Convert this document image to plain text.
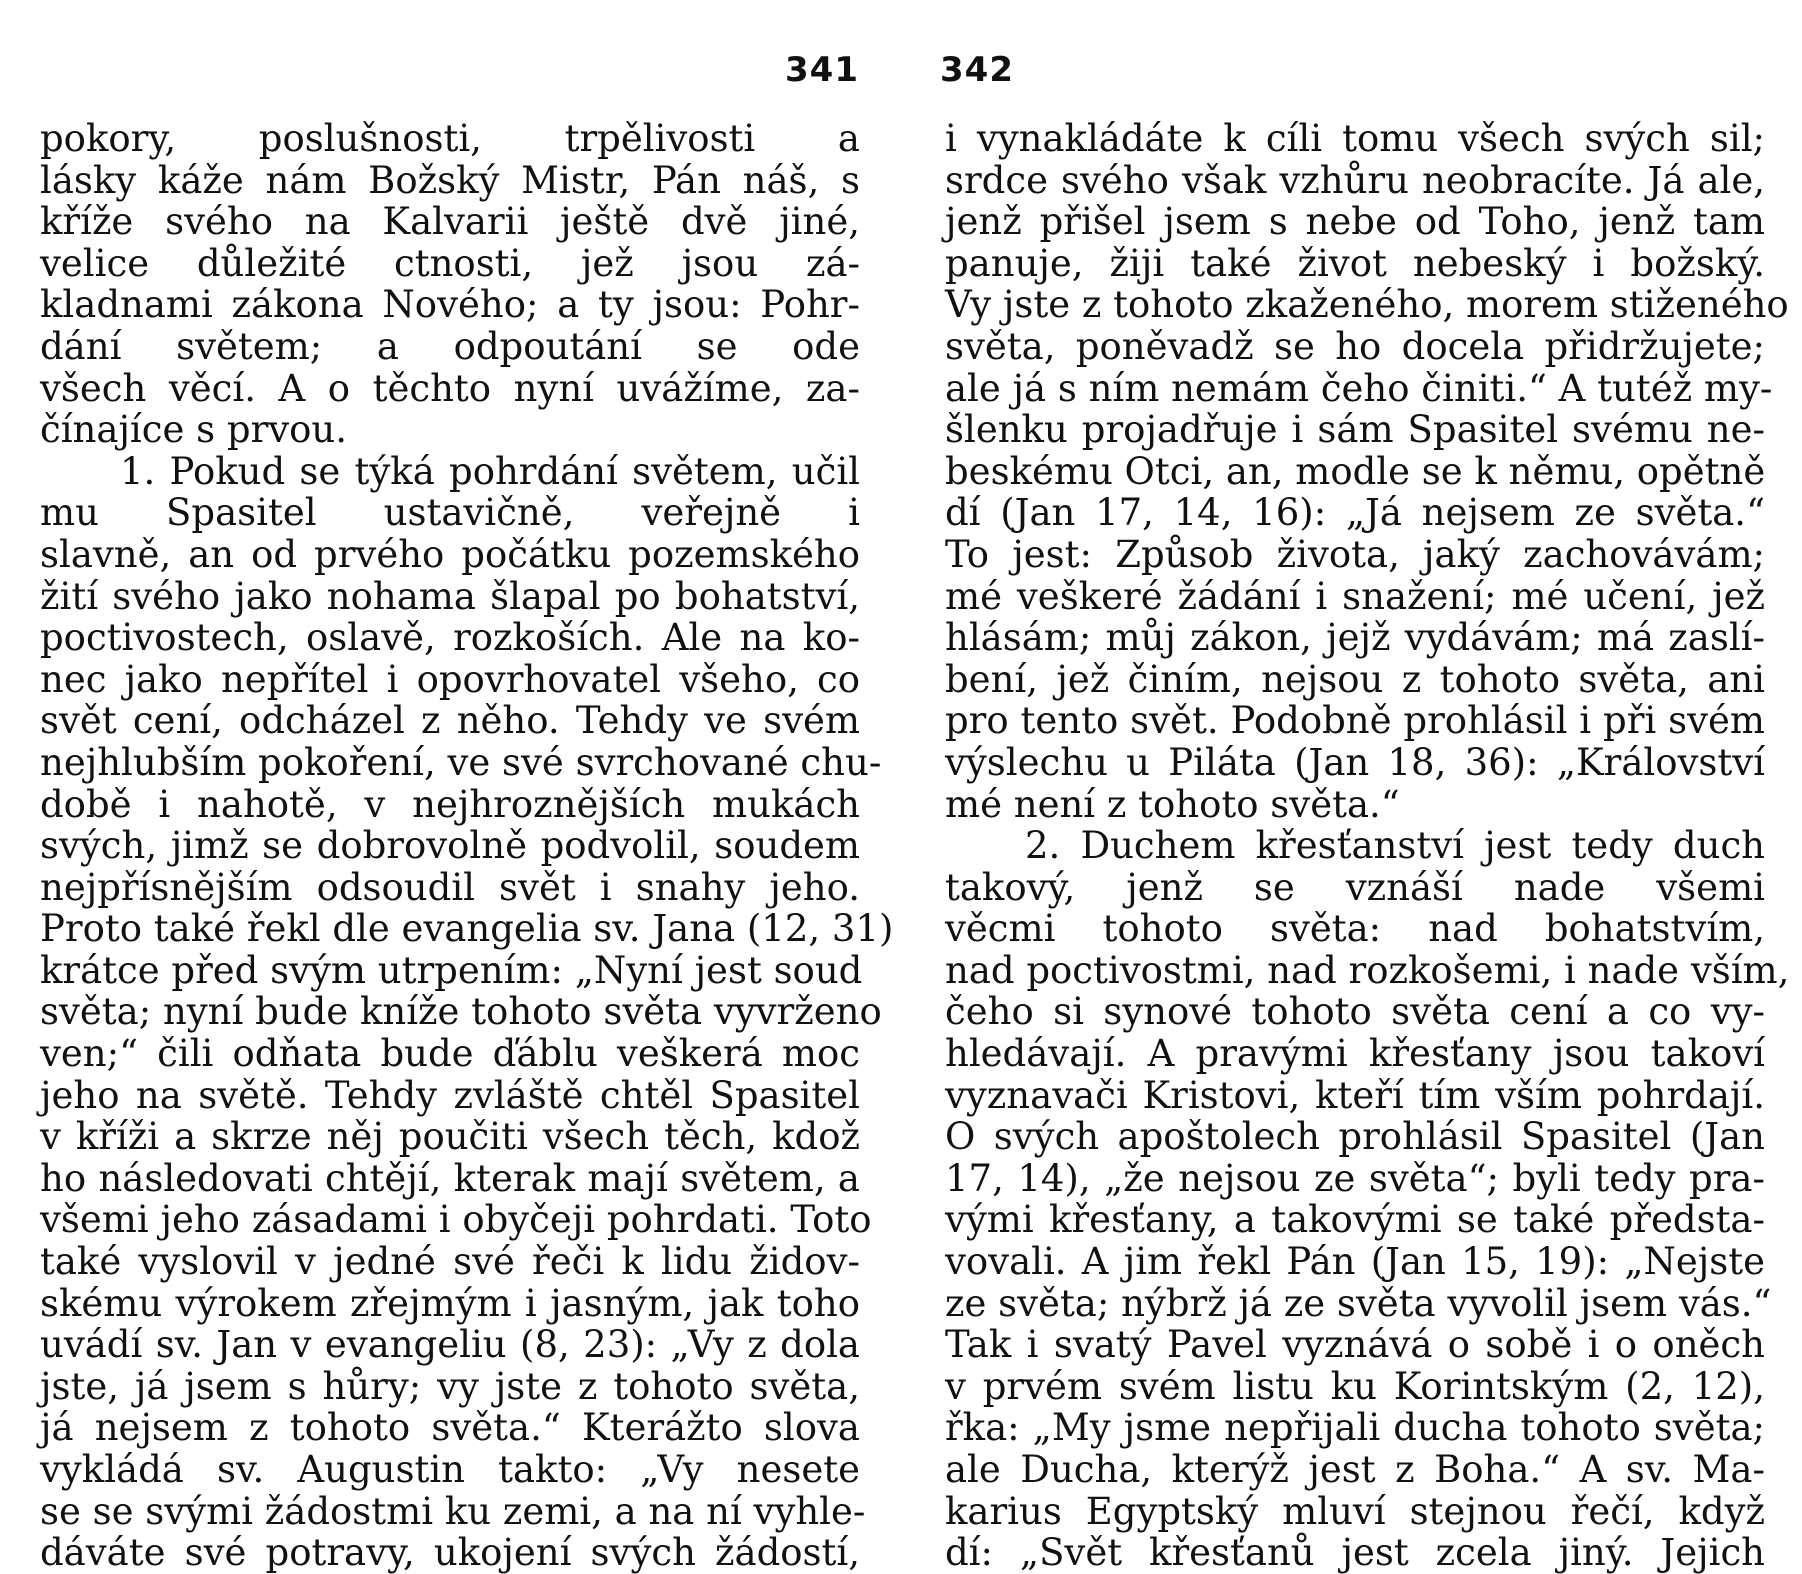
341 342
pokory, poslušnosti, trpělivosti a
lásky káže nám Božský Mistr, Pán náš, s
kříže svého na Kalvarii ještě dvě jiné,
velice důležité ctnosti, jež jsou zá-
kladnami zákona Nového; a ty jsou: Pohr-
dání světem; a odpoutání se ode
všech věcí. A o těchto nyní uvážíme, za-
čínajíce s prvou.
1. Pokud se týká pohrdání světem, učil
mu Spasitel ustavičně, veřejně i
slavně, an od prvého počátku pozemského
žití svého jako nohama šlapal po bohatství,
poctivostech, oslavě, rozkoších. Ale na ko-
nec jako nepřítel i opovrhovatel všeho, co
svět cení, odcházel z něho. Tehdy ve svém
nejhlubším pokoření, ve své svrchované chu-
době i nahotě, v nejhroznějších mukách
svých, jimž se dobrovolně podvolil, soudem
nejpřísnějším odsoudil svět i snahy jeho.
Proto také řekl dle evangelia sv. Jana (12, 31)
krátce před svým utrpením: „Nyní jest soud
světa; nyní bude kníže tohoto světa vyvrženo
ven;“ čili odňata bude ďáblu veškerá moc
jeho na světě. Tehdy zvláště chtěl Spasitel
v kříži a skrze něj poučiti všech těch, kdož
ho následovati chtějí, kterak mají světem, a
všemi jeho zásadami i obyčeji pohrdati. Toto
také vyslovil v jedné své řeči k lidu židov-
skému výrokem zřejmým i jasným, jak toho
uvádí sv. Jan v evangeliu (8, 23): „Vy z dola
jste, já jsem s hůry; vy jste z tohoto světa,
já nejsem z tohoto světa.“ Kterážto slova
vykládá sv. Augustin takto: „Vy nesete
se se svými žádostmi ku zemi, a na ní vyhle-
dáváte své potravy, ukojení svých žádostí,
i vynakládáte k cíli tomu všech svých sil;
srdce svého však vzhůru neobracíte. Já ale,
jenž přišel jsem s nebe od Toho, jenž tam
panuje, žiji také život nebeský i božský.
Vy jste z tohoto zkaženého, morem stiženého
světa, poněvadž se ho docela přidržujete;
ale já s ním nemám čeho činiti.“ A tutéž my-
šlenku projadřuje i sám Spasitel svému ne-
beskému Otci, an, modle se k němu, opětně
dí (Jan 17, 14, 16): „Já nejsem ze světa.“
To jest: Způsob života, jaký zachovávám;
mé veškeré žádání i snažení; mé učení, jež
hlásám; můj zákon, jejž vydávám; má zaslí-
bení, jež činím, nejsou z tohoto světa, ani
pro tento svět. Podobně prohlásil i při svém
výslechu u Piláta (Jan 18, 36): „Království
mé není z tohoto světa.“
2. Duchem křesťanství jest tedy duch
takový, jenž se vznáší nade všemi
věcmi tohoto světa: nad bohatstvím,
nad poctivostmi, nad rozkošemi, i nade vším,
čeho si synové tohoto světa cení a co vy-
hledávají. A pravými křesťany jsou takoví
vyznavači Kristovi, kteří tím vším pohrdají.
O svých apoštolech prohlásil Spasitel (Jan
17, 14), „že nejsou ze světa“; byli tedy pra-
vými křesťany, a takovými se také předsta-
vovali. A jim řekl Pán (Jan 15, 19): „Nejste
ze světa; nýbrž já ze světa vyvolil jsem vás.“
Tak i svatý Pavel vyznává o sobě i o oněch
v prvém svém listu ku Korintským (2, 12),
řka: „My jsme nepřijali ducha tohoto světa;
ale Ducha, kterýž jest z Boha.“ A sv. Ma-
karius Egyptský mluví stejnou řečí, když
dí: „Svět křesťanů jest zcela jiný. Jejich
